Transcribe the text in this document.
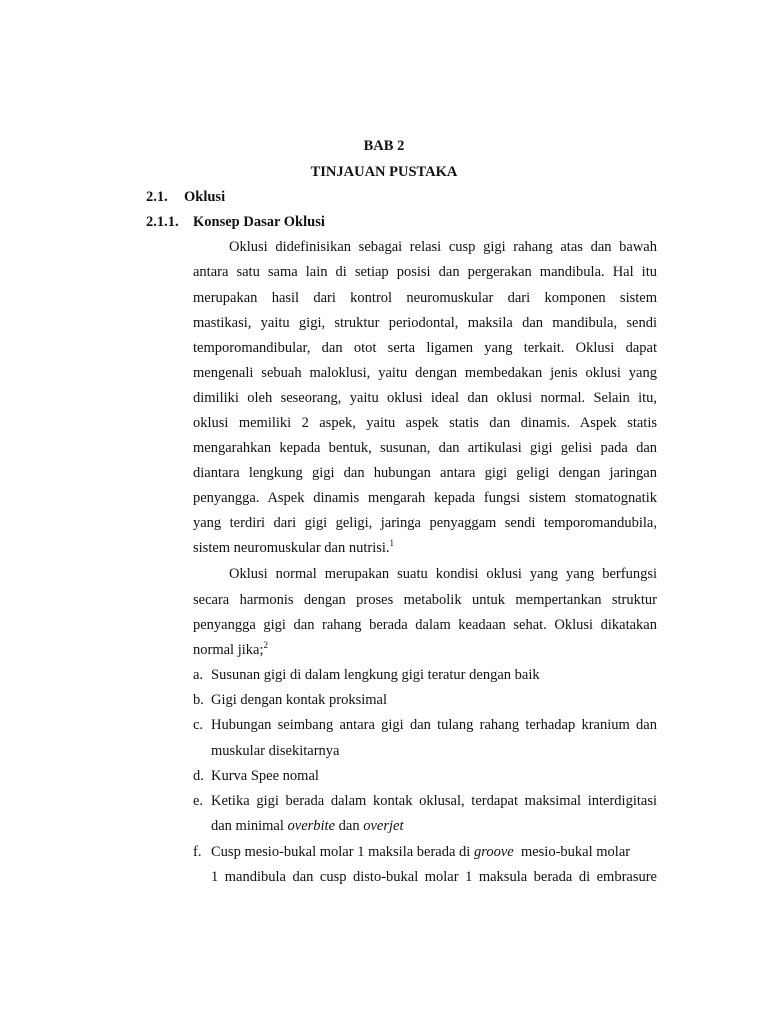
BAB 2

TINJAUAN PUSTAKA

2.1. Oklusi

2.1.1. Konsep Dasar Oklusi

Oklusi didefinisikan sebagai relasi cusp gigi rahang atas dan bawah

antara satu sama lain di setiap posisi dan pergerakan mandibula. Hal itu

merupakan hasil dari kontrol neuromuskular dari komponen sistem

mastikasi, yaitu gigi, struktur periodontal, maksila dan mandibula, sendi

temporomandibular, dan otot serta ligamen yang terkait. Oklusi dapat

mengenali sebuah maloklusi, yaitu dengan membedakan jenis oklusi yang

dimiliki oleh seseorang, yaitu oklusi ideal dan oklusi normal. Selain itu,

oklusi memiliki 2 aspek, yaitu aspek statis dan dinamis. Aspek statis

mengarahkan kepada bentuk, susunan, dan artikulasi gigi gelisi pada dan

diantara lengkung gigi dan hubungan antara gigi geligi dengan jaringan

penyangga. Aspek dinamis mengarah kepada fungsi sistem stomatognatik

yang terdiri dari gigi geligi, jaringa penyaggam sendi temporomandubila,

sistem neuromuskular dan nutrisi.$^1$

Oklusi normal merupakan suatu kondisi oklusi yang yang berfungsi

secara harmonis dengan proses metabolik untuk mempertankan struktur

penyangga gigi dan rahang berada dalam keadaan sehat. Oklusi dikatakan

normal jika;$^2$

a. Susunan gigi di dalam lengkung gigi teratur dengan baik

b. Gigi dengan kontak proksimal

c. Hubungan seimbang antara gigi dan tulang rahang terhadap kranium dan

muskular disekitarnya

d. Kurva Spee nomal

e. Ketika gigi berada dalam kontak oklusal, terdapat maksimal interdigitasi

dan minimal overbite dan overjet

f. Cusp mesio-bukal molar 1 maksila berada di groove  mesio-bukal molar

1 mandibula dan cusp disto-bukal molar 1 maksula berada di embrasure
